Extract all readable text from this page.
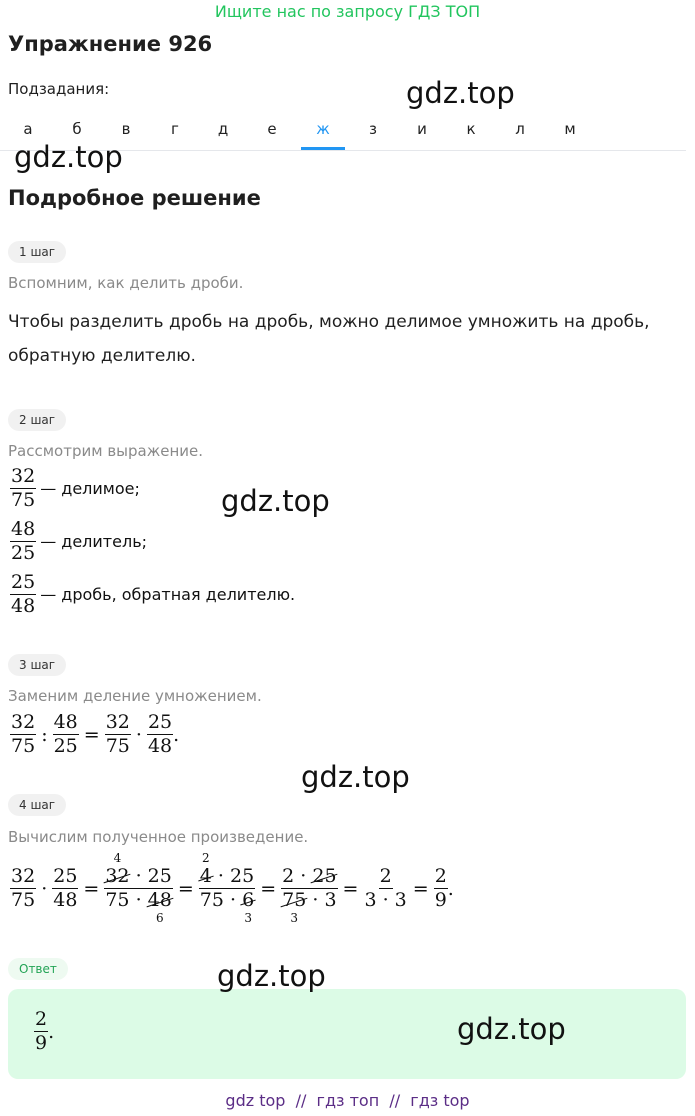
Ищите нас по запросу ГДЗ ТОП
Упражнение 926
Подзадания:
а	б	в	г	д	е	ж	з	и	к	л	м
Подробное решение
1 шаг
Вспомним, как делить дроби.
Чтобы разделить дробь на дробь, можно делимое умножить на дробь,
обратную делителю.
2 шаг
Рассмотрим выражение.
$\frac{32}{75}$ — делимое;
$\frac{48}{25}$ — делитель;
$\frac{25}{48}$ — дробь, обратная делителю.
3 шаг
Заменим деление умножением.
$\frac{32}{75}$ : $\frac{48}{25} = \frac{32}{75} \cdot \frac{25}{48}$ .
4 шаг
Вычислим полученное произведение.
$\frac{32}{75} \cdot \frac{25}{48} = 32$
4
· 25
75 · 48
6 = 4
2
· 25
75 · 6
3 = 2 · 25
75
3
· $3 = \frac{2}{3 \cdot 3} = \frac{2}{9}$ .
Ответ
$\frac{2}{9}$ .
gdz.top
gdz.top
gdz.top
gdz.top
gdz.top
gdz.top
gdz top  //  гдз топ  //  гдз top
